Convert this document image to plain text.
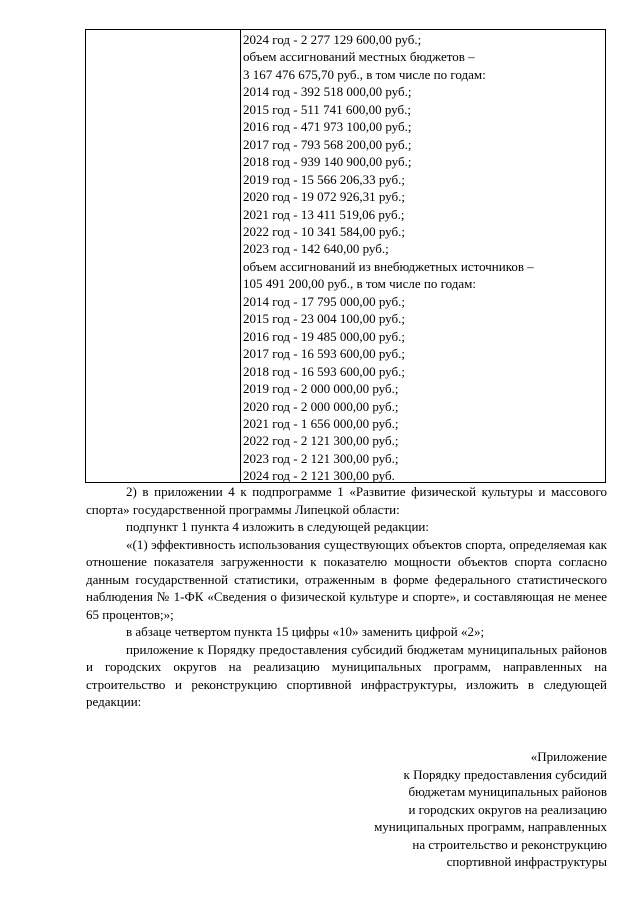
2024 год - 2 277 129 600,00 руб.;
объем ассигнований местных бюджетов –
3 167 476 675,70 руб., в том числе по годам:
2014 год - 392 518 000,00 руб.;
2015 год - 511 741 600,00 руб.;
2016 год - 471 973 100,00 руб.;
2017 год - 793 568 200,00 руб.;
2018 год - 939 140 900,00 руб.;
2019 год - 15 566 206,33 руб.;
2020 год - 19 072 926,31 руб.;
2021 год - 13 411 519,06 руб.;
2022 год - 10 341 584,00 руб.;
2023 год - 142 640,00 руб.;
объем ассигнований из внебюджетных источников –
105 491 200,00 руб., в том числе по годам:
2014 год - 17 795 000,00 руб.;
2015 год - 23 004 100,00 руб.;
2016 год - 19 485 000,00 руб.;
2017 год - 16 593 600,00 руб.;
2018 год - 16 593 600,00 руб.;
2019 год - 2 000 000,00 руб.;
2020 год - 2 000 000,00 руб.;
2021 год - 1 656 000,00 руб.;
2022 год - 2 121 300,00 руб.;
2023 год - 2 121 300,00 руб.;
2024 год - 2 121 300,00 руб.

2) в приложении 4 к подпрограмме 1 «Развитие физической культуры и массового спорта» государственной программы Липецкой области:

подпункт 1 пункта 4 изложить в следующей редакции:

«(1) эффективность использования существующих объектов спорта, определяемая как отношение показателя загруженности к показателю мощности объектов спорта согласно данным государственной статистики, отраженным в форме федерального статистического наблюдения № 1-ФК «Сведения о физической культуре и спорте», и составляющая не менее 65 процентов;»;

в абзаце четвертом пункта 15 цифры «10» заменить цифрой «2»;

приложение к Порядку предоставления субсидий бюджетам муниципальных районов и городских округов на реализацию муниципальных программ, направленных на строительство и реконструкцию спортивной инфраструктуры, изложить в следующей редакции:

«Приложение
к Порядку предоставления субсидий
бюджетам муниципальных районов
и городских округов на реализацию
муниципальных программ, направленных
на строительство и реконструкцию
спортивной инфраструктуры
